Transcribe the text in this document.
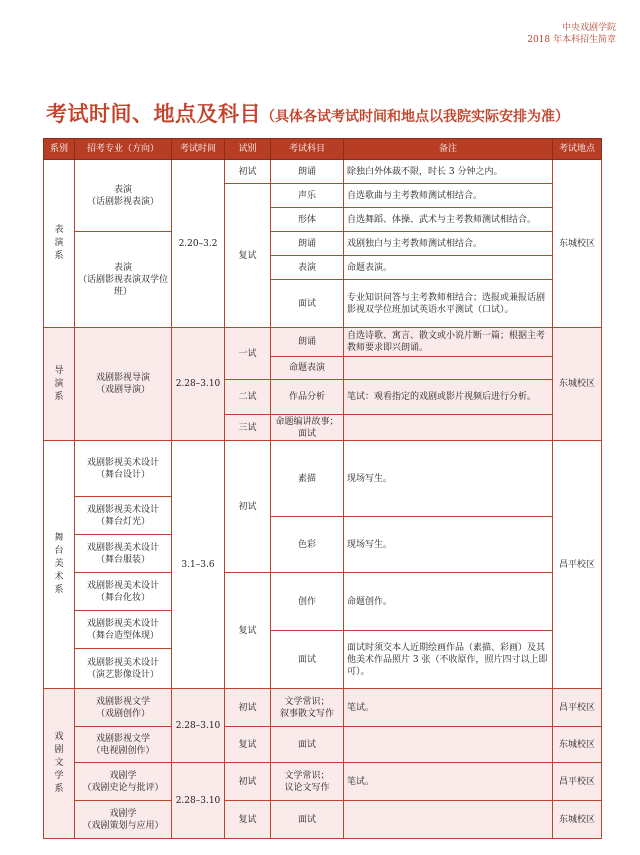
中央戏剧学院
2018 年本科招生简章
考试时间、地点及科目（具体各试考试时间和地点以我院实际安排为准）
系别	招考专业（方向）	考试时间	试别	考试科目	备注	考试地点

表演系	表演
（话剧影视表演）	2.20–3.2	初试	朗诵	除独白外体裁不限，时长 3 分钟之内。	东城校区
			复试	声乐	自选歌曲与主考教师测试相结合。	
				形体	自选舞蹈、体操、武术与主考教师测试相结合。	
	表演
（话剧影视表演双学位班）			朗诵	戏剧独白与主考教师测试相结合。	
				表演	命题表演。	
				面试	专业知识问答与主考教师相结合；选报或兼报话剧影视双学位班加试英语水平测试（口试）。	

导演系	戏剧影视导演
（戏剧导演）	2.28–3.10	一试	朗诵	自选诗歌、寓言、散文或小说片断一篇；根据主考教师要求即兴朗诵。	东城校区
				命题表演		
			二试	作品分析	笔试：观看指定的戏剧或影片视频后进行分析。	
			三试	命题编讲故事；
面试		

舞台美术系	戏剧影视美术设计
（舞台设计）	3.1–3.6	初试	素描	现场写生。	昌平校区

	戏剧影视美术设计
（舞台灯光）					
				色彩	现场写生。	
	戏剧影视美术设计
（舞台服装）					

	戏剧影视美术设计
（舞台化妆）		复试	创作	命题创作。	

	戏剧影视美术设计
（舞台造型体现）					
				面试	面试时须交本人近期绘画作品（素描、彩画）及其他美术作品照片 3 张（不收原作，照片四寸以上即可）。	
	戏剧影视美术设计
（演艺影像设计）					

戏剧文学系	戏剧影视文学
（戏剧创作）	2.28–3.10	初试	文学常识；
叙事散文写作	笔试。	昌平校区
	戏剧影视文学
（电视剧创作）		复试	面试		东城校区
	戏剧学
（戏剧史论与批评）	2.28–3.10	初试	文学常识；
议论文写作	笔试。	昌平校区
	戏剧学
（戏剧策划与应用）		复试	面试		东城校区
